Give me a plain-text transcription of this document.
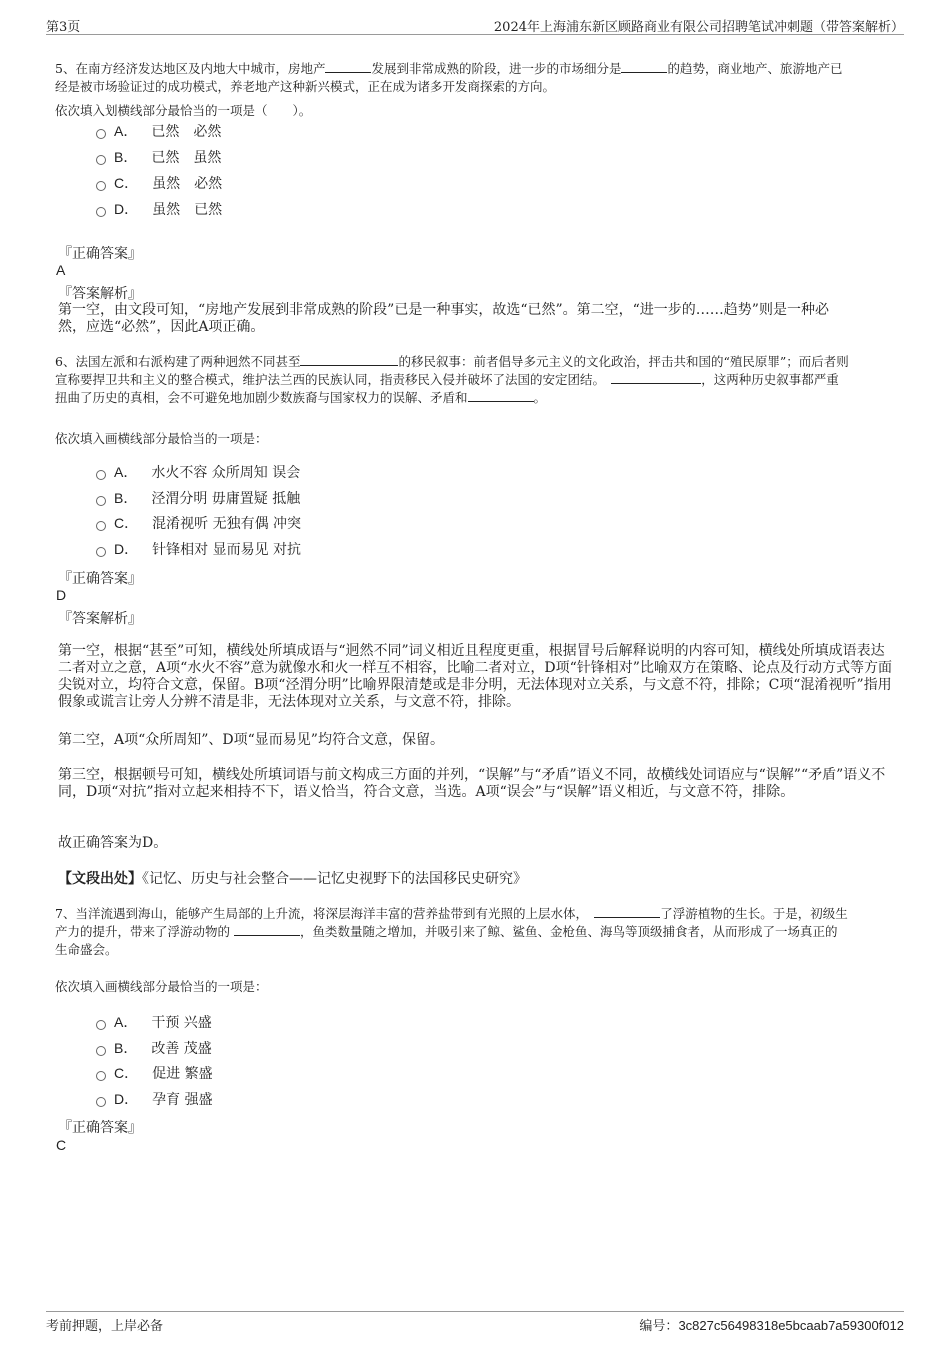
第3页	2024年上海浦东新区顾路商业有限公司招聘笔试冲刺题（带答案解析）
5、在南方经济发达地区及内地大中城市，房地产	发展到非常成熟的阶段，进一步的市场细分是	的趋势，商业地产、旅游地产已
经是被市场验证过的成功模式，养老地产这种新兴模式，正在成为诸多开发商探索的方向。
依次填入划横线部分最恰当的一项是（　　）。
A． 已然　必然
B． 已然　虽然
C． 虽然　必然
D． 虽然　已然
『正确答案』
A
『答案解析』
第一空，由文段可知，“房地产发展到非常成熟的阶段”已是一种事实，故选“已然”。第二空，“进一步的……趋势”则是一种必
然，应选“必然”，因此A项正确。
6、法国左派和右派构建了两种迥然不同甚至	的移民叙事：前者倡导多元主义的文化政治，抨击共和国的“殖民原罪”；而后者则
宣称要捍卫共和主义的整合模式，维护法兰西的民族认同，指责移民入侵并破坏了法国的安定团结。　	，这两种历史叙事都严重
扭曲了历史的真相，会不可避免地加剧少数族裔与国家权力的误解、矛盾和	。
依次填入画横线部分最恰当的一项是：
A． 水火不容 众所周知 误会
B． 泾渭分明 毋庸置疑 抵触
C． 混淆视听 无独有偶 冲突
D． 针锋相对 显而易见 对抗
『正确答案』
D
『答案解析』
第一空，根据“甚至”可知，横线处所填成语与“迥然不同”词义相近且程度更重，根据冒号后解释说明的内容可知，横线处所填成语表达二者对立之意，A项“水火不容”意为就像水和火一样互不相容，比喻二者对立，D项“针锋相对”比喻双方在策略、论点及行动方式等方面尖锐对立，均符合文意，保留。B项“泾渭分明”比喻界限清楚或是非分明，无法体现对立关系，与文意不符，排除；C项“混淆视听”指用假象或谎言让旁人分辨不清是非，无法体现对立关系，与文意不符，排除。
第二空，A项“众所周知”、D项“显而易见”均符合文意，保留。
第三空，根据顿号可知，横线处所填词语与前文构成三方面的并列，“误解”与“矛盾”语义不同，故横线处词语应与“误解”“矛盾”语义不同，D项“对抗”指对立起来相持不下，语义恰当，符合文意，当选。A项“误会”与“误解”语义相近，与文意不符，排除。
故正确答案为D。
【文段出处】《记忆、历史与社会整合——记忆史视野下的法国移民史研究》
7、当洋流遇到海山，能够产生局部的上升流，将深层海洋丰富的营养盐带到有光照的上层水体，　	了浮游植物的生长。于是，初级生
产力的提升，带来了浮游动物的	，鱼类数量随之增加，并吸引来了鲸、鲨鱼、金枪鱼、海鸟等顶级捕食者，从而形成了一场真正的
生命盛会。
依次填入画横线部分最恰当的一项是：
A． 干预 兴盛
B． 改善 茂盛
C． 促进 繁盛
D． 孕育 强盛
『正确答案』
C
考前押题，上岸必备	编号：3c827c56498318e5bcaab7a59300f012
